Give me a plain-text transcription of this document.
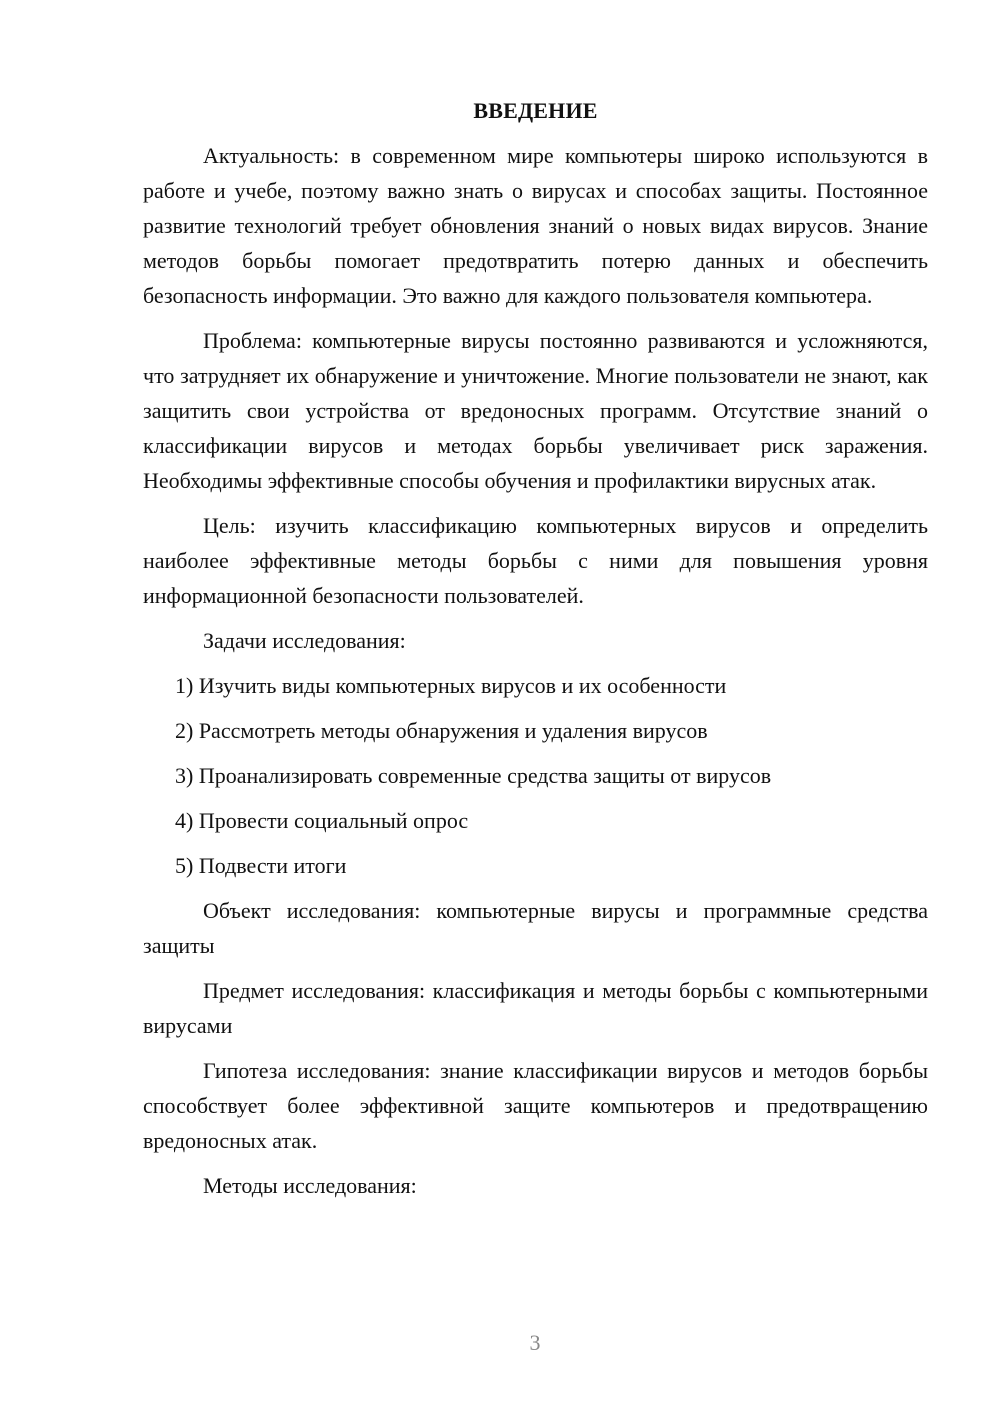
ВВЕДЕНИЕ

Актуальность: в современном мире компьютеры широко используются в работе и учебе, поэтому важно знать о вирусах и способах защиты. Постоянное развитие технологий требует обновления знаний о новых видах вирусов. Знание методов борьбы помогает предотвратить потерю данных и обеспечить безопасность информации. Это важно для каждого пользователя компьютера.

Проблема: компьютерные вирусы постоянно развиваются и усложняются, что затрудняет их обнаружение и уничтожение. Многие пользователи не знают, как защитить свои устройства от вредоносных программ. Отсутствие знаний о классификации вирусов и методах борьбы увеличивает риск заражения. Необходимы эффективные способы обучения и профилактики вирусных атак.

Цель: изучить классификацию компьютерных вирусов и определить наиболее эффективные методы борьбы с ними для повышения уровня информационной безопасности пользователей.

Задачи исследования:

1) Изучить виды компьютерных вирусов и их особенности
2) Рассмотреть методы обнаружения и удаления вирусов
3) Проанализировать современные средства защиты от вирусов
4) Провести социальный опрос
5) Подвести итоги

Объект исследования: компьютерные вирусы и программные средства защиты

Предмет исследования: классификация и методы борьбы с компьютерными вирусами

Гипотеза исследования: знание классификации вирусов и методов борьбы способствует более эффективной защите компьютеров и предотвращению вредоносных атак.

Методы исследования:

3
